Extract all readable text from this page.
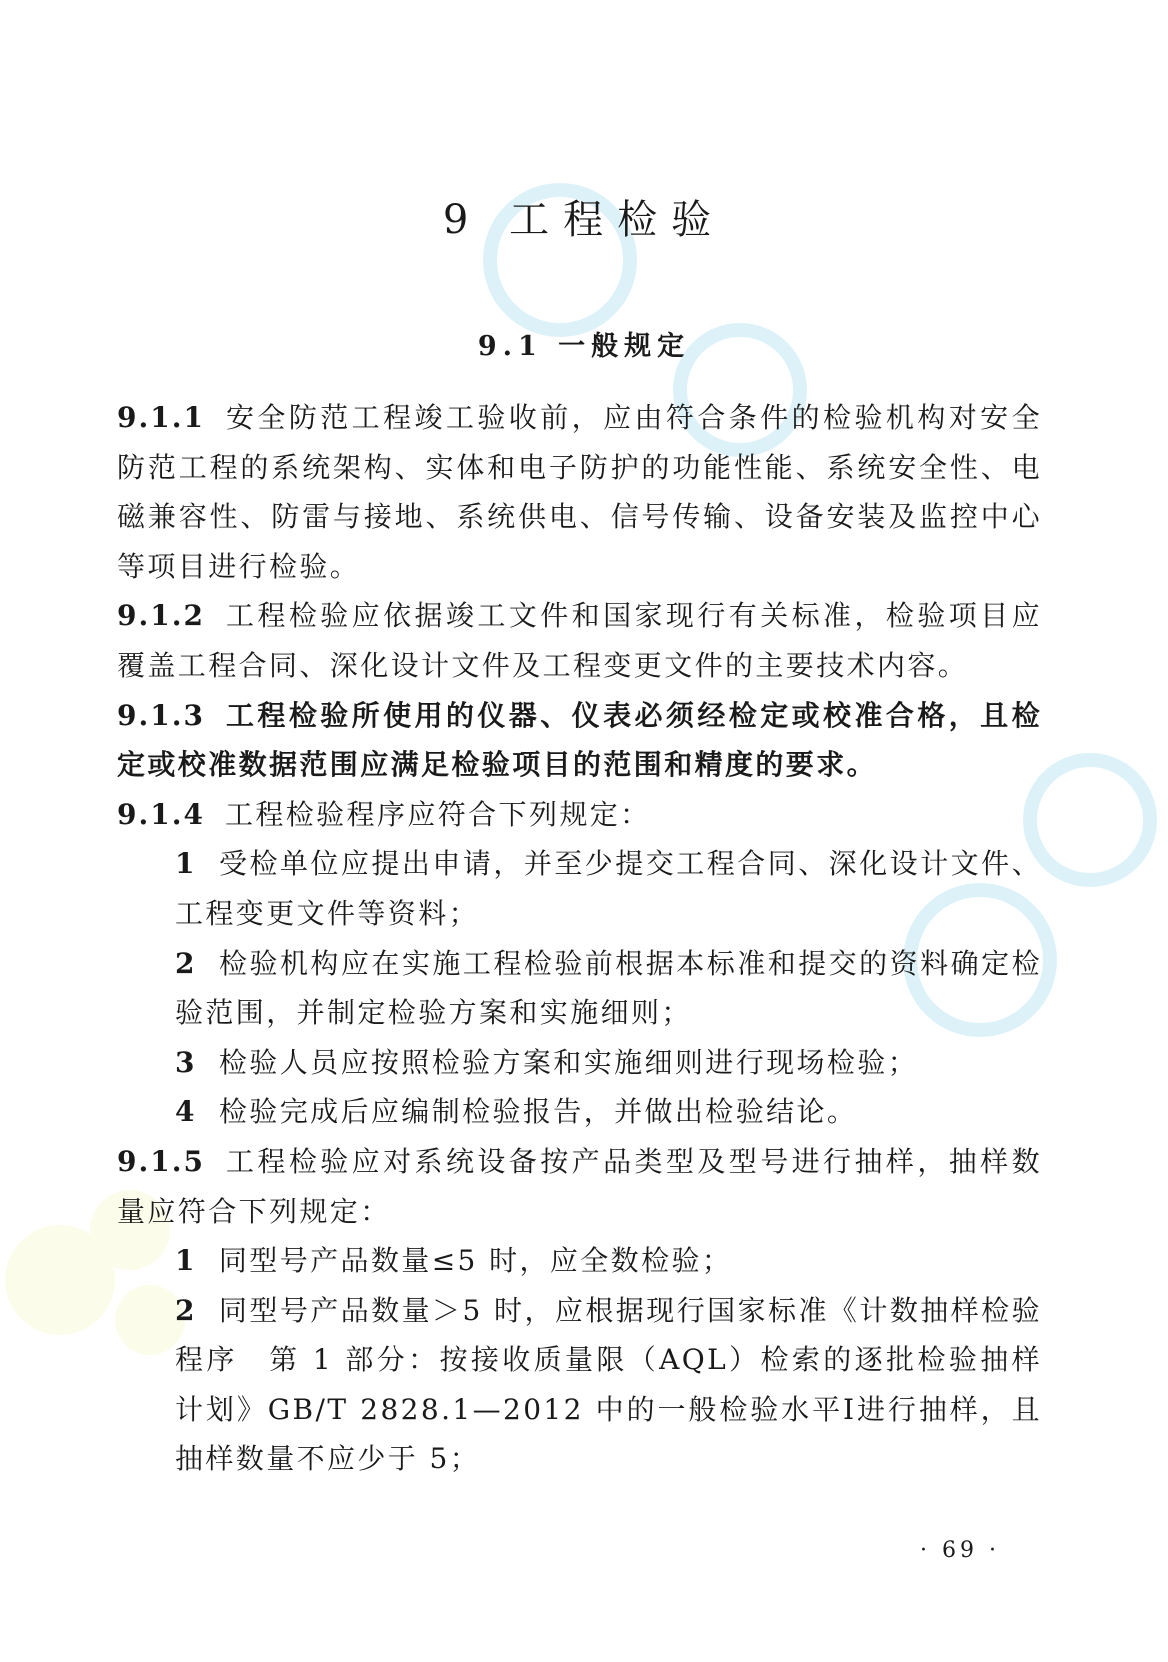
9 工程检验
9.1 一般规定

9.1.1 安全防范工程竣工验收前，应由符合条件的检验机构对安全防范工程的系统架构、实体和电子防护的功能性能、系统安全性、电磁兼容性、防雷与接地、系统供电、信号传输、设备安装及监控中心等项目进行检验。

9.1.2 工程检验应依据竣工文件和国家现行有关标准，检验项目应覆盖工程合同、深化设计文件及工程变更文件的主要技术内容。

9.1.3 工程检验所使用的仪器、仪表必须经检定或校准合格，且检定或校准数据范围应满足检验项目的范围和精度的要求。

9.1.4 工程检验程序应符合下列规定：

1 受检单位应提出申请，并至少提交工程合同、深化设计文件、工程变更文件等资料；

2 检验机构应在实施工程检验前根据本标准和提交的资料确定检验范围，并制定检验方案和实施细则；

3 检验人员应按照检验方案和实施细则进行现场检验；

4 检验完成后应编制检验报告，并做出检验结论。

9.1.5 工程检验应对系统设备按产品类型及型号进行抽样，抽样数量应符合下列规定：

1 同型号产品数量≤5 时，应全数检验；

2 同型号产品数量＞5 时，应根据现行国家标准《计数抽样检验程序　第 1 部分：按接收质量限（AQL）检索的逐批检验抽样计划》GB/T 2828.1—2012 中的一般检验水平Ⅰ进行抽样，且抽样数量不应少于 5；

· 69 ·
